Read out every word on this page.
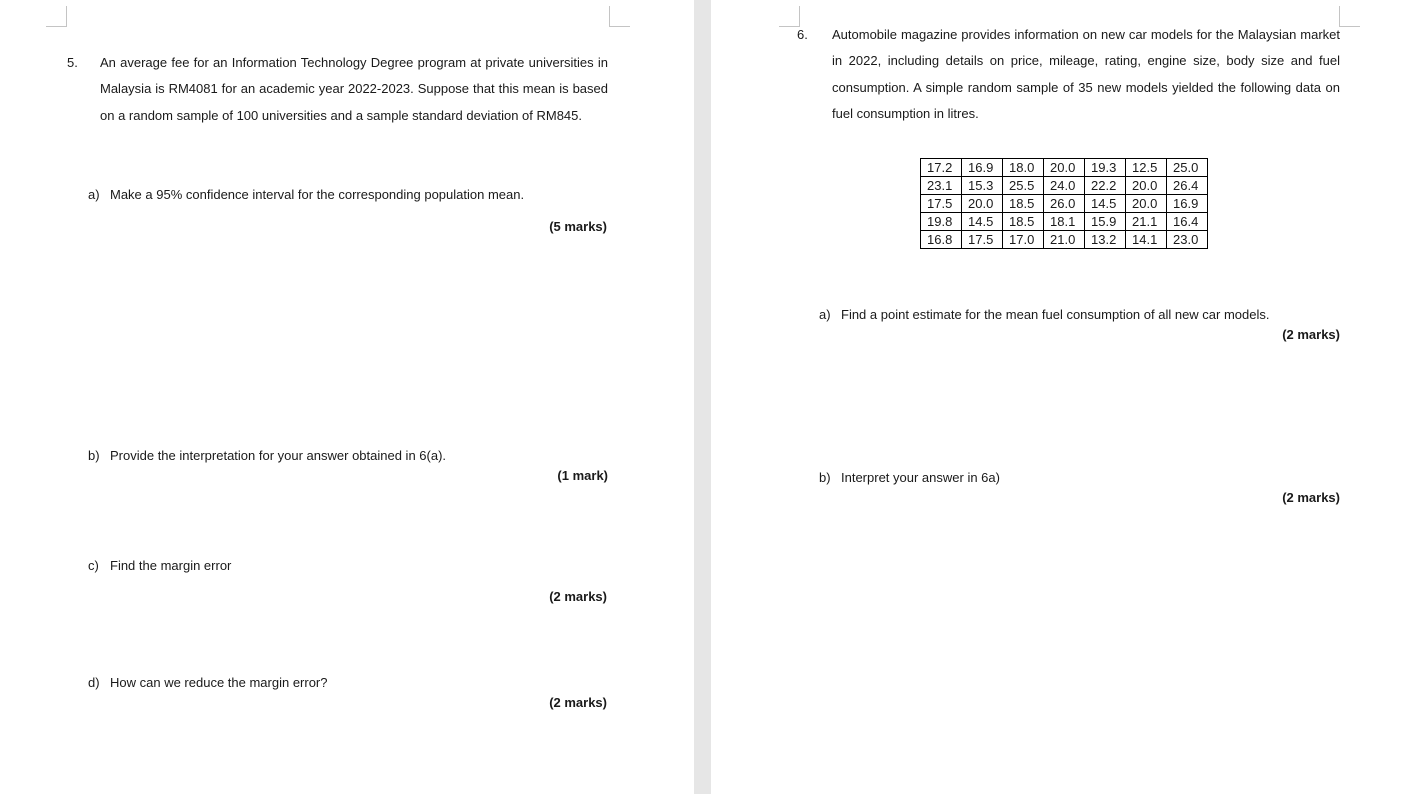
5. An average fee for an Information Technology Degree program at private universities in Malaysia is RM4081 for an academic year 2022-2023. Suppose that this mean is based on a random sample of 100 universities and a sample standard deviation of RM845.
a) Make a 95% confidence interval for the corresponding population mean.
(5 marks)
b) Provide the interpretation for your answer obtained in 6(a).
(1 mark)
c) Find the margin error
(2 marks)
d) How can we reduce the margin error?
(2 marks)
6. Automobile magazine provides information on new car models for the Malaysian market in 2022, including details on price, mileage, rating, engine size, body size and fuel consumption. A simple random sample of 35 new models yielded the following data on fuel consumption in litres.
17.2	16.9	18.0	20.0	19.3	12.5	25.0
23.1	15.3	25.5	24.0	22.2	20.0	26.4
17.5	20.0	18.5	26.0	14.5	20.0	16.9
19.8	14.5	18.5	18.1	15.9	21.1	16.4
16.8	17.5	17.0	21.0	13.2	14.1	23.0
a) Find a point estimate for the mean fuel consumption of all new car models.
(2 marks)
b) Interpret your answer in 6a)
(2 marks)
